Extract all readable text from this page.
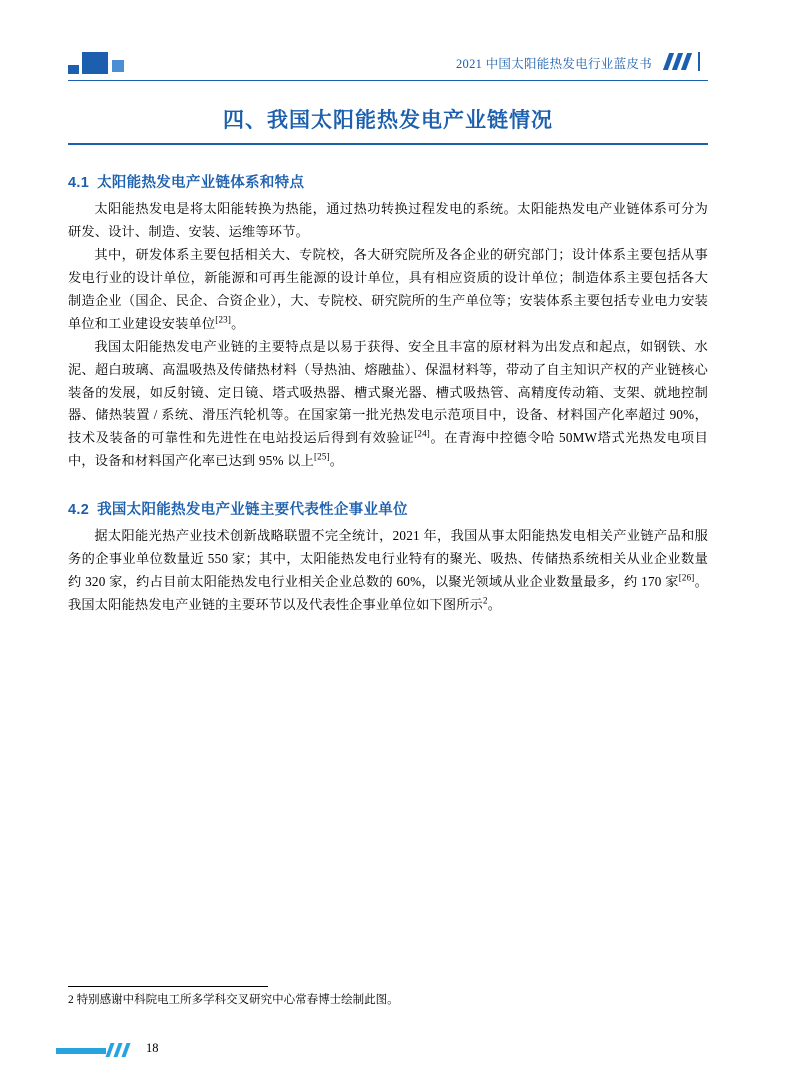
2021 中国太阳能热发电行业蓝皮书
四、我国太阳能热发电产业链情况
4.1 太阳能热发电产业链体系和特点

太阳能热发电是将太阳能转换为热能，通过热功转换过程发电的系统。太阳能热发电产业链体系可分为研发、设计、制造、安装、运维等环节。

其中，研发体系主要包括相关大、专院校，各大研究院所及各企业的研究部门；设计体系主要包括从事发电行业的设计单位，新能源和可再生能源的设计单位，具有相应资质的设计单位；制造体系主要包括各大制造企业（国企、民企、合资企业），大、专院校、研究院所的生产单位等；安装体系主要包括专业电力安装单位和工业建设安装单位[23]。

我国太阳能热发电产业链的主要特点是以易于获得、安全且丰富的原材料为出发点和起点，如钢铁、水泥、超白玻璃、高温吸热及传储热材料（导热油、熔融盐）、保温材料等，带动了自主知识产权的产业链核心装备的发展，如反射镜、定日镜、塔式吸热器、槽式聚光器、槽式吸热管、高精度传动箱、支架、就地控制器、储热装置 / 系统、滑压汽轮机等。在国家第一批光热发电示范项目中，设备、材料国产化率超过 90%，技术及装备的可靠性和先进性在电站投运后得到有效验证[24]。在青海中控德令哈 50MW塔式光热发电项目中，设备和材料国产化率已达到 95% 以上[25]。

4.2 我国太阳能热发电产业链主要代表性企事业单位

据太阳能光热产业技术创新战略联盟不完全统计，2021 年，我国从事太阳能热发电相关产业链产品和服务的企事业单位数量近 550 家；其中，太阳能热发电行业特有的聚光、吸热、传储热系统相关从业企业数量约 320 家，约占目前太阳能热发电行业相关企业总数的 60%，以聚光领域从业企业数量最多，约 170 家[26]。我国太阳能热发电产业链的主要环节以及代表性企事业单位如下图所示$^2$。

2 特别感谢中科院电工所多学科交叉研究中心常春博士绘制此图。
18
